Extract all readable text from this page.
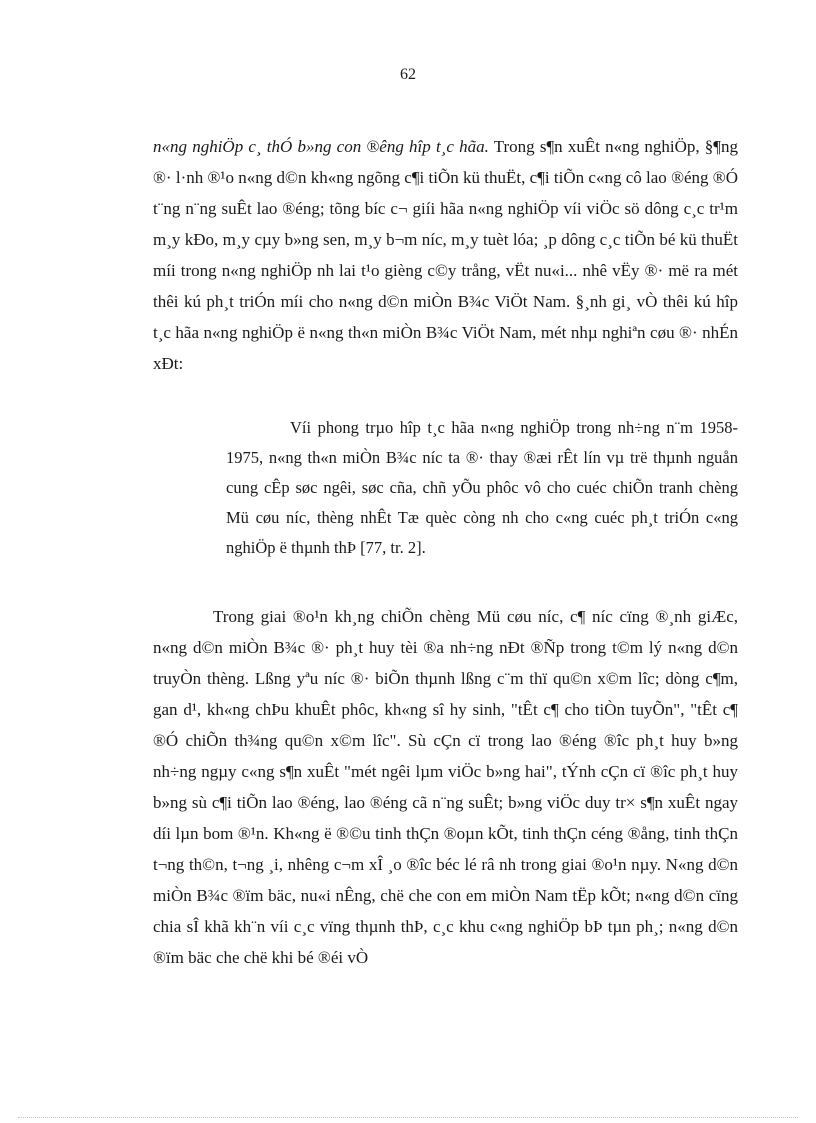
62
n«ng nghiÖp c¸ thÓ b»ng con ®êng hîp t¸c hãa. Trong s¶n xuÊt n«ng nghiÖp, §¶ng ®· l·nh ®¹o n«ng d©n kh«ng ngõng c¶i tiÕn kü thuËt, c¶i tiÕn c«ng cô lao ®éng ®Ó t¨ng n¨ng suÊt lao ®éng; tõng bíc c¬ giíi hãa n«ng nghiÖp víi viÖc sö dông c¸c tr¹m m¸y kÐo, m¸y cµy b»ng sen, m¸y b¬m níc, m¸y tuèt lóa; ¸p dông c¸c tiÕn bé kü thuËt míi trong n«ng nghiÖp nh lai t¹o gièng c©y trång, vËt nu«i... nhê vËy ®· më ra mét thêi kú ph¸t triÓn míi cho n«ng d©n miÒn B¾c ViÖt Nam. §¸nh gi¸ vÒ thêi kú hîp t¸c hãa n«ng nghiÖp ë n«ng th«n miÒn B¾c ViÖt Nam, mét nhµ nghiªn cøu ®· nhÉn xÐt:

Víi phong trµo hîp t¸c hãa n«ng nghiÖp trong nh÷ng n¨m 1958- 1975, n«ng th«n miÒn B¾c níc ta ®· thay ®æi rÊt lín vµ trë thµnh nguån cung cÊp søc ngêi, søc cña, chñ yÕu phôc vô cho cuéc chiÕn tranh chèng Mü cøu níc, thèng nhÊt Tæ quèc còng nh cho c«ng cuéc ph¸t triÓn c«ng nghiÖp ë thµnh thÞ [77, tr. 2].

Trong giai ®o¹n kh¸ng chiÕn chèng Mü cøu níc, c¶ níc cïng ®¸nh giÆc, n«ng d©n miÒn B¾c ®· ph¸t huy tèi ®a nh÷ng nÐt ®Ñp trong t©m lý n«ng d©n truyÒn thèng. Lßng yªu níc ®· biÕn thµnh lßng c¨m thï qu©n x©m lîc; dòng c¶m, gan d¹, kh«ng chÞu khuÊt phôc, kh«ng sî hy sinh, "tÊt c¶ cho tiÒn tuyÕn", "tÊt c¶ ®Ó chiÕn th¾ng qu©n x©m lîc". Sù cÇn cï trong lao ®éng ®îc ph¸t huy b»ng nh÷ng ngµy c«ng s¶n xuÊt "mét ngêi lµm viÖc b»ng hai", tÝnh cÇn cï ®îc ph¸t huy b»ng sù c¶i tiÕn lao ®éng, lao ®éng cã n¨ng suÊt; b»ng viÖc duy tr× s¶n xuÊt ngay díi lµn bom ®¹n. Kh«ng ë ®©u tinh thÇn ®oµn kÕt, tinh thÇn céng ®ång, tinh thÇn t¬ng th©n, t¬ng ¸i, nhêng c¬m xÎ ¸o ®îc béc lé râ nh trong giai ®o¹n nµy. N«ng d©n miÒn B¾c ®ïm bäc, nu«i nÊng, chë che con em miÒn Nam tËp kÕt; n«ng d©n cïng chia sÎ khã kh¨n víi c¸c vïng thµnh thÞ, c¸c khu c«ng nghiÖp bÞ tµn ph¸; n«ng d©n ®ïm bäc che chë khi bé ®éi vÒ
